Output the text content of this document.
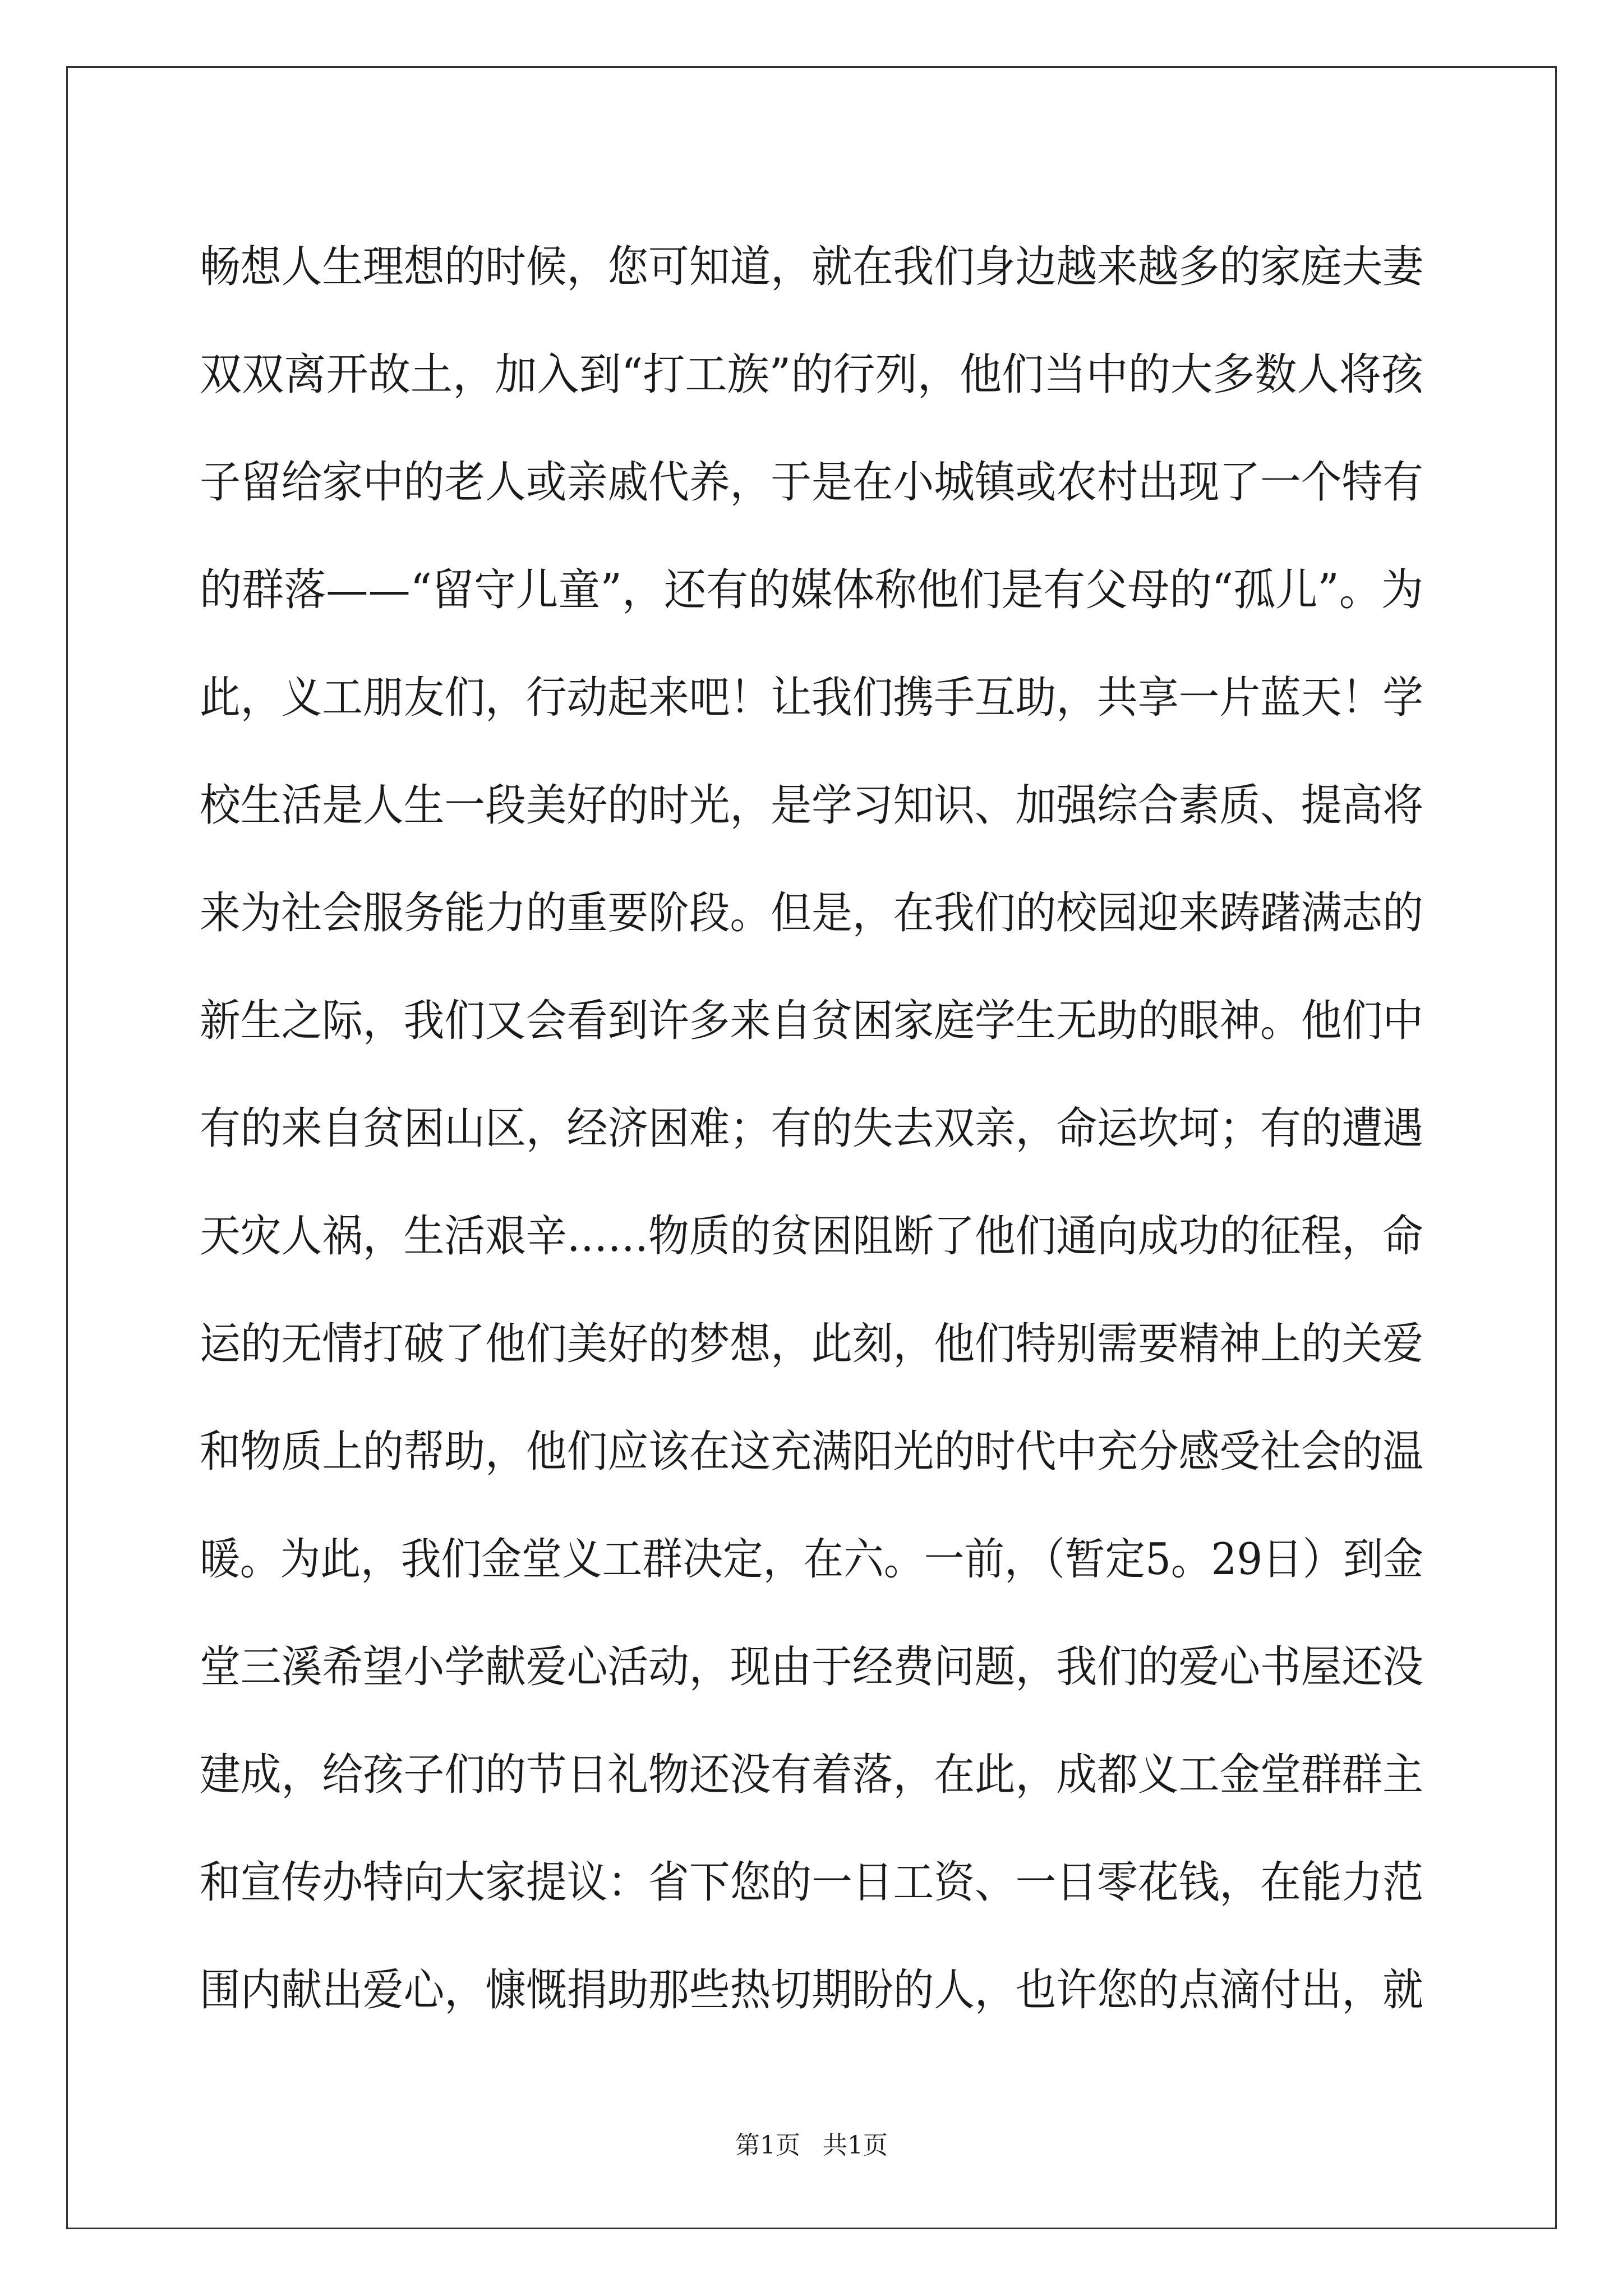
畅想人生理想的时候，您可知道，就在我们身边越来越多的家庭夫妻
双双离开故土，加入到“打工族”的行列，他们当中的大多数人将孩
子留给家中的老人或亲戚代养，于是在小城镇或农村出现了一个特有
的群落——“留守儿童”，还有的媒体称他们是有父母的“孤儿”。为
此，义工朋友们，行动起来吧！让我们携手互助，共享一片蓝天！学
校生活是人生一段美好的时光，是学习知识、加强综合素质、提高将
来为社会服务能力的重要阶段。但是，在我们的校园迎来踌躇满志的
新生之际，我们又会看到许多来自贫困家庭学生无助的眼神。他们中
有的来自贫困山区，经济困难；有的失去双亲，命运坎坷；有的遭遇
天灾人祸，生活艰辛……物质的贫困阻断了他们通向成功的征程，命
运的无情打破了他们美好的梦想，此刻，他们特别需要精神上的关爱
和物质上的帮助，他们应该在这充满阳光的时代中充分感受社会的温
暖。为此，我们金堂义工群决定，在六。一前，（暂定5。29日）到金
堂三溪希望小学献爱心活动，现由于经费问题，我们的爱心书屋还没
建成，给孩子们的节日礼物还没有着落，在此，成都义工金堂群群主
和宣传办特向大家提议：省下您的一日工资、一日零花钱，在能力范
围内献出爱心，慷慨捐助那些热切期盼的人，也许您的点滴付出，就
第1页 共1页
